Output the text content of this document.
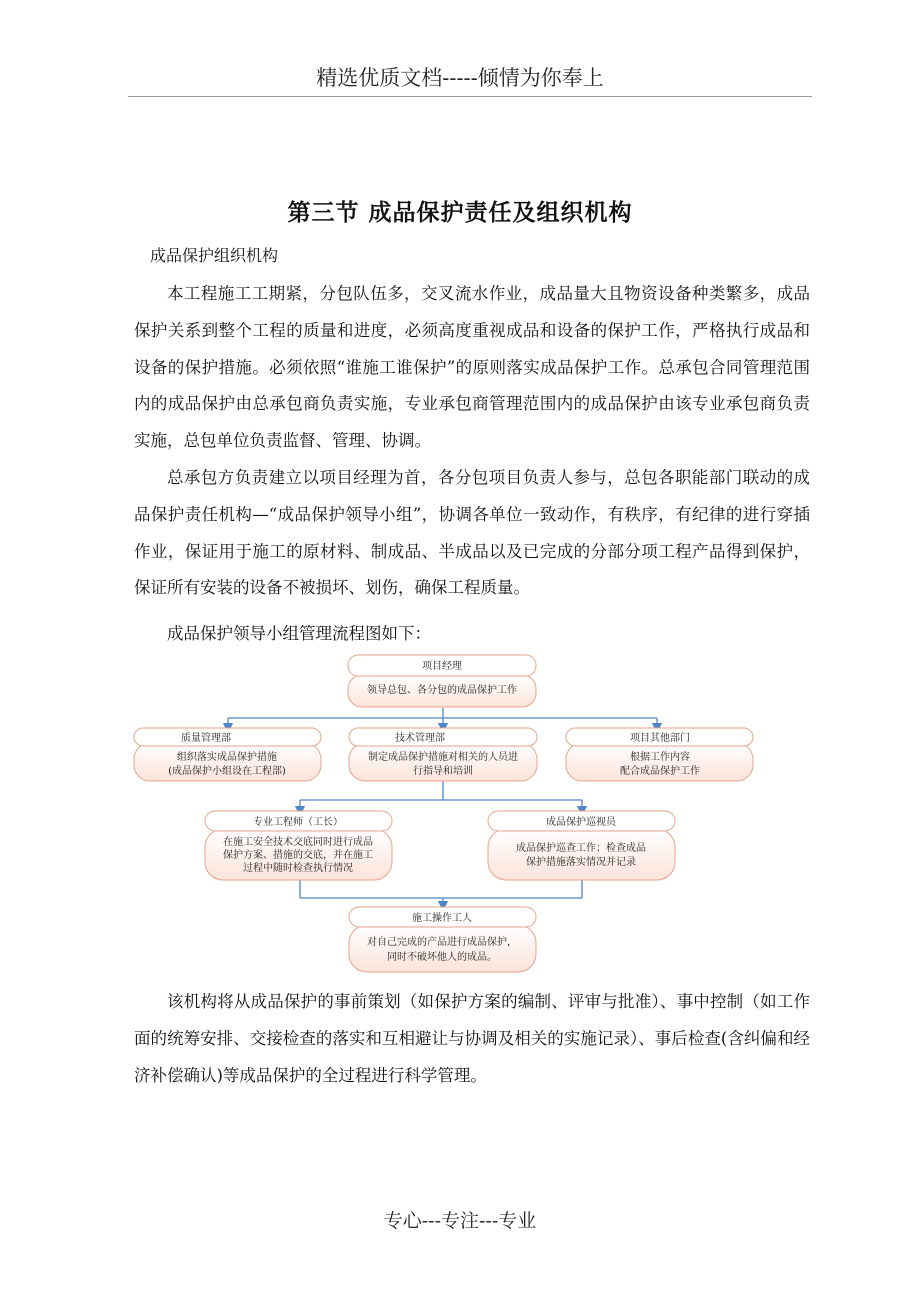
精选优质文档-----倾情为你奉上
第三节 成品保护责任及组织机构
成品保护组织机构

本工程施工工期紧，分包队伍多，交叉流水作业，成品量大且物资设备种类繁多，成品保护关系到整个工程的质量和进度，必须高度重视成品和设备的保护工作，严格执行成品和设备的保护措施。必须依照“谁施工谁保护”的原则落实成品保护工作。总承包合同管理范围内的成品保护由总承包商负责实施，专业承包商管理范围内的成品保护由该专业承包商负责实施，总包单位负责监督、管理、协调。

总承包方负责建立以项目经理为首，各分包项目负责人参与，总包各职能部门联动的成品保护责任机构—“成品保护领导小组”，协调各单位一致动作，有秩序，有纪律的进行穿插作业，保证用于施工的原材料、制成品、半成品以及已完成的分部分项工程产品得到保护，保证所有安装的设备不被损坏、划伤，确保工程质量。

成品保护领导小组管理流程图如下：

项目经理
领导总包、各分包的成品保护工作
质量管理部
组织落实成品保护措施
(成品保护小组设在工程部)
技术管理部
制定成品保护措施对相关的人员进
行指导和培训
项目其他部门
根据工作内容
配合成品保护工作
专业工程师（工长）
在施工安全技术交底同时进行成品
保护方案、措施的交底，并在施工
过程中随时检查执行情况
成品保护巡视员
成品保护巡查工作；检查成品
保护措施落实情况并记录
施工操作工人
对自己完成的产品进行成品保护，
同时不破坏他人的成品。

该机构将从成品保护的事前策划（如保护方案的编制、评审与批准）、事中控制（如工作面的统筹安排、交接检查的落实和互相避让与协调及相关的实施记录）、事后检查(含纠偏和经济补偿确认)等成品保护的全过程进行科学管理。

专心---专注---专业
